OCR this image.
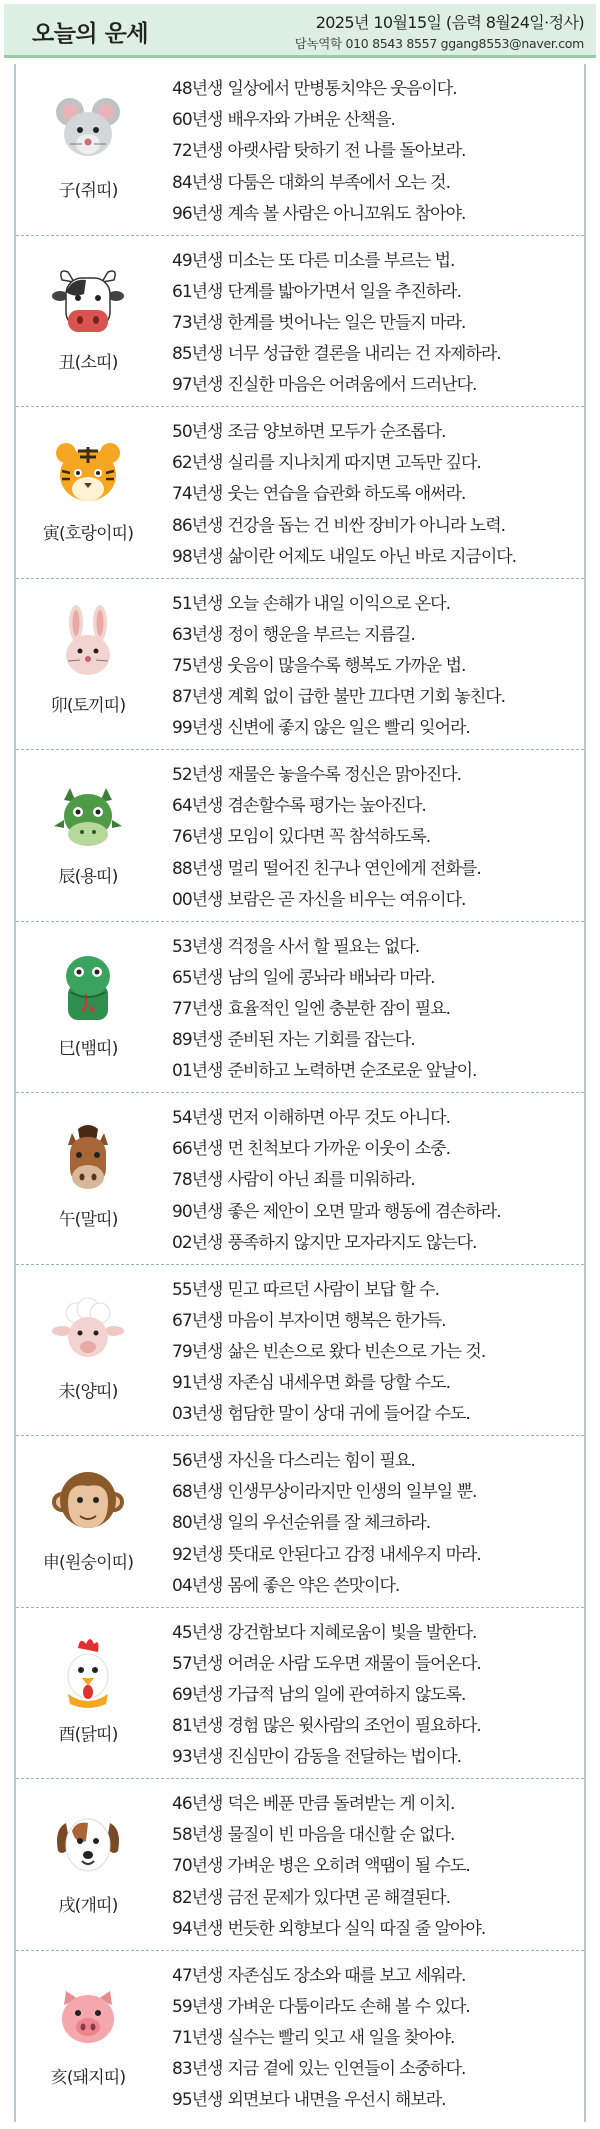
오늘의 운세	2025년 10월15일 (음력 8월24일·정사)
담녹역학 010 8543 8557 ggang8553@naver.com
子(쥐띠)
48년생 일상에서 만병통치약은 웃음이다.
60년생 배우자와 가벼운 산책을.
72년생 아랫사람 탓하기 전 나를 돌아보라.
84년생 다툼은 대화의 부족에서 오는 것.
96년생 계속 볼 사람은 아니꼬워도 참아야.
丑(소띠)
49년생 미소는 또 다른 미소를 부르는 법.
61년생 단계를 밟아가면서 일을 추진하라.
73년생 한계를 벗어나는 일은 만들지 마라.
85년생 너무 성급한 결론을 내리는 건 자제하라.
97년생 진실한 마음은 어려움에서 드러난다.
寅(호랑이띠)
50년생 조금 양보하면 모두가 순조롭다.
62년생 실리를 지나치게 따지면 고독만 깊다.
74년생 웃는 연습을 습관화 하도록 애써라.
86년생 건강을 돕는 건 비싼 장비가 아니라 노력.
98년생 삶이란 어제도 내일도 아닌 바로 지금이다.
卯(토끼띠)
51년생 오늘 손해가 내일 이익으로 온다.
63년생 정이 행운을 부르는 지름길.
75년생 웃음이 많을수록 행복도 가까운 법.
87년생 계획 없이 급한 불만 끄다면 기회 놓친다.
99년생 신변에 좋지 않은 일은 빨리 잊어라.
辰(용띠)
52년생 재물은 놓을수록 정신은 맑아진다.
64년생 겸손할수록 평가는 높아진다.
76년생 모임이 있다면 꼭 참석하도록.
88년생 멀리 떨어진 친구나 연인에게 전화를.
00년생 보람은 곧 자신을 비우는 여유이다.
巳(뱀띠)
53년생 걱정을 사서 할 필요는 없다.
65년생 남의 일에 콩놔라 배놔라 마라.
77년생 효율적인 일엔 충분한 잠이 필요.
89년생 준비된 자는 기회를 잡는다.
01년생 준비하고 노력하면 순조로운 앞날이.
午(말띠)
54년생 먼저 이해하면 아무 것도 아니다.
66년생 먼 친척보다 가까운 이웃이 소중.
78년생 사람이 아닌 죄를 미워하라.
90년생 좋은 제안이 오면 말과 행동에 겸손하라.
02년생 풍족하지 않지만 모자라지도 않는다.
未(양띠)
55년생 믿고 따르던 사람이 보답 할 수.
67년생 마음이 부자이면 행복은 한가득.
79년생 삶은 빈손으로 왔다 빈손으로 가는 것.
91년생 자존심 내세우면 화를 당할 수도.
03년생 험담한 말이 상대 귀에 들어갈 수도.
申(원숭이띠)
56년생 자신을 다스리는 힘이 필요.
68년생 인생무상이라지만 인생의 일부일 뿐.
80년생 일의 우선순위를 잘 체크하라.
92년생 뜻대로 안된다고 감정 내세우지 마라.
04년생 몸에 좋은 약은 쓴맛이다.
酉(닭띠)
45년생 강건함보다 지혜로움이 빛을 발한다.
57년생 어려운 사람 도우면 재물이 들어온다.
69년생 가급적 남의 일에 관여하지 않도록.
81년생 경험 많은 윗사람의 조언이 필요하다.
93년생 진심만이 감동을 전달하는 법이다.
戌(개띠)
46년생 덕은 베푼 만큼 돌려받는 게 이치.
58년생 물질이 빈 마음을 대신할 순 없다.
70년생 가벼운 병은 오히려 액땜이 될 수도.
82년생 금전 문제가 있다면 곧 해결된다.
94년생 번듯한 외향보다 실익 따질 줄 알아야.
亥(돼지띠)
47년생 자존심도 장소와 때를 보고 세워라.
59년생 가벼운 다툼이라도 손해 볼 수 있다.
71년생 실수는 빨리 잊고 새 일을 찾아야.
83년생 지금 곁에 있는 인연들이 소중하다.
95년생 외면보다 내면을 우선시 해보라.
